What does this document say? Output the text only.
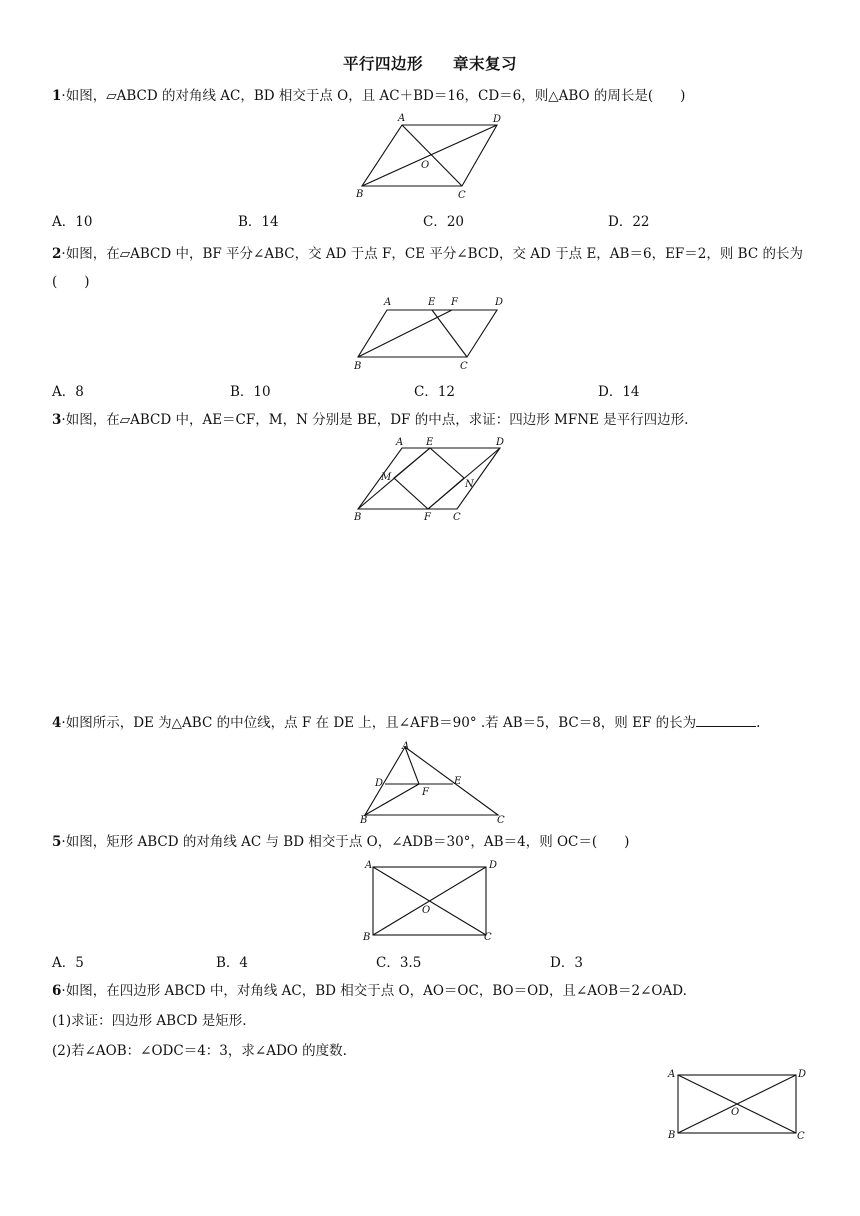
平行四边形 章末复习
1·如图，▱ABCD 的对角线 AC，BD 相交于点 O，且 AC＋BD＝16，CD＝6，则△ABO 的周长是(　　)
A	D
O
B	C
A．10	B．14	C．20	D．22
2·如图，在▱ABCD 中，BF 平分∠ABC，交 AD 于点 F，CE 平分∠BCD，交 AD 于点 E，AB＝6，EF＝2，则 BC 的长为(　　)
A	E F	D
B	C
A．8	B．10	C．12	D．14
3·如图，在▱ABCD 中，AE＝CF，M，N 分别是 BE，DF 的中点，求证：四边形 MFNE 是平行四边形.
A E	D
M
N
B	F C
4·如图所示，DE 为△ABC 的中位线，点 F 在 DE 上，且∠AFB＝90° .若 AB＝5，BC＝8，则 EF 的长为	.
A
D	E
F
B	C
5·如图，矩形 ABCD 的对角线 AC 与 BD 相交于点 O，∠ADB＝30°，AB＝4，则 OC＝(　　)
A	D
O
B	C
A．5	B．4	C．3.5	D．3
6·如图，在四边形 ABCD 中，对角线 AC，BD 相交于点 O，AO＝OC，BO＝OD，且∠AOB＝2∠OAD.
(1)求证：四边形 ABCD 是矩形.
(2)若∠AOB：∠ODC＝4：3，求∠ADO 的度数.
A	D
O
B	C
